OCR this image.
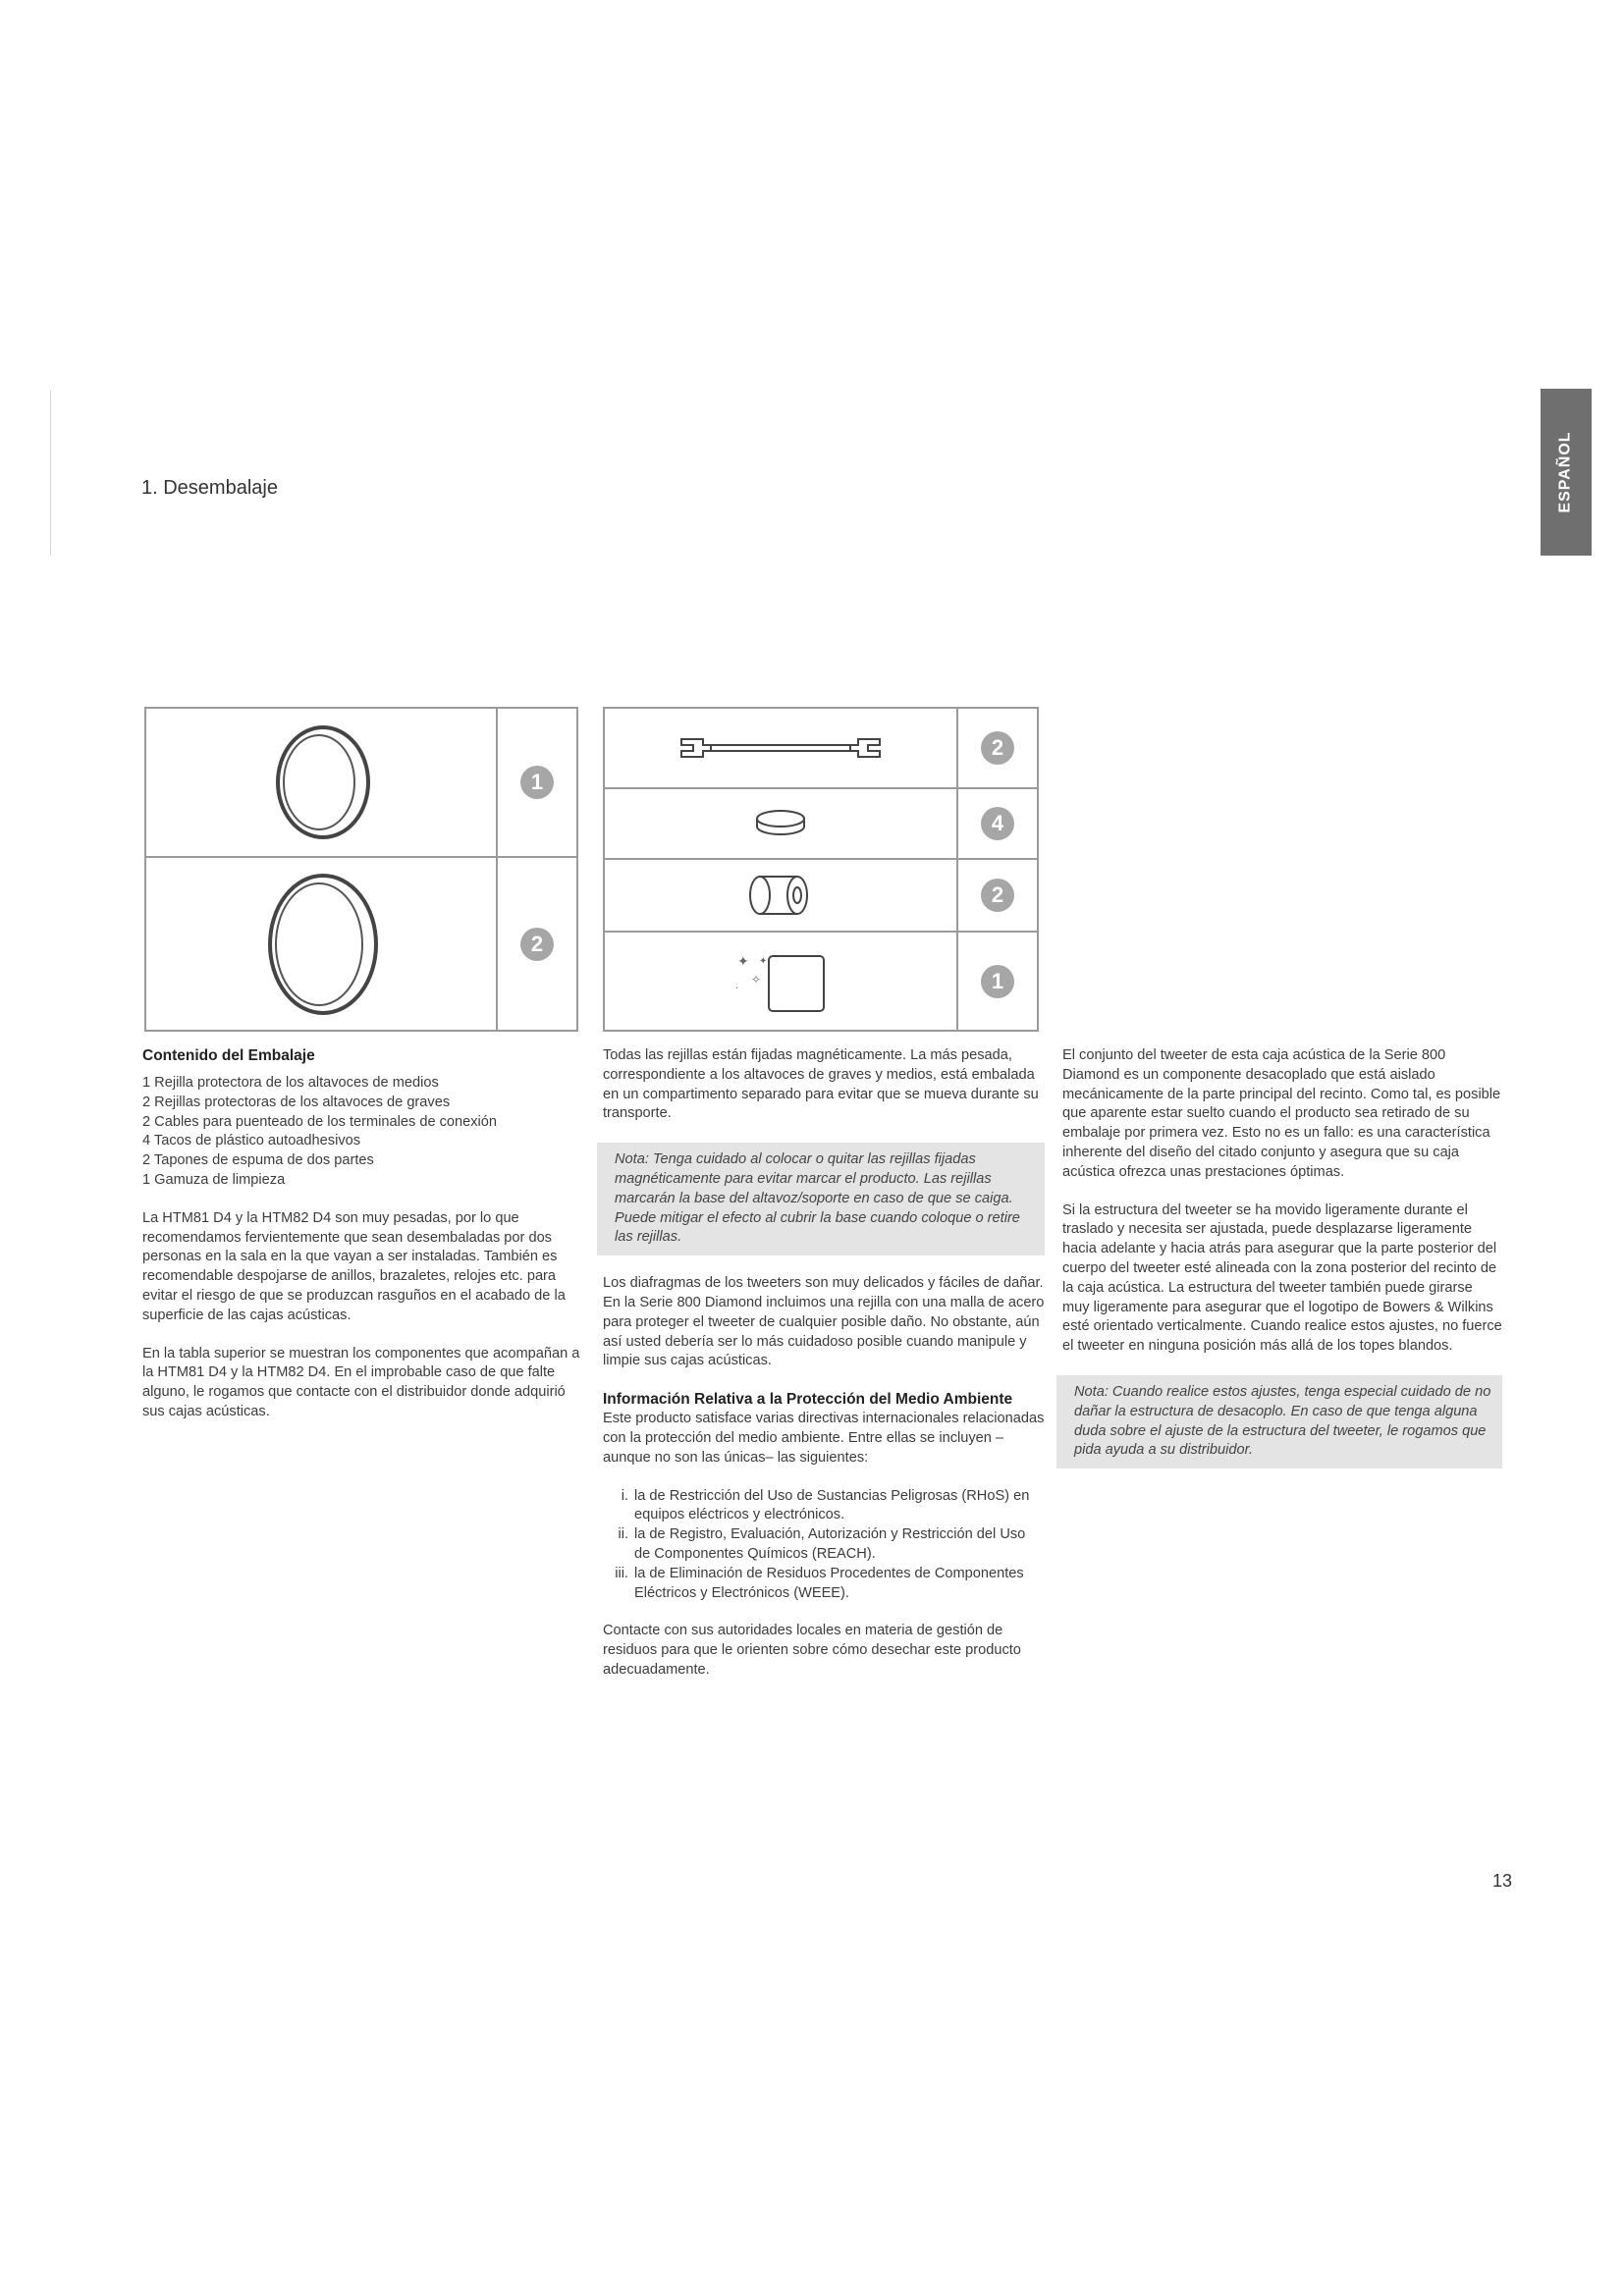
ESPAÑOL
1. Desembalaje
1
2
2
4
2
✦
✧
·
✦
1
Contenido del Embalaje
1 Rejilla protectora de los altavoces de medios
2 Rejillas protectoras de los altavoces de graves
2 Cables para puenteado de los terminales de conexión
4 Tacos de plástico autoadhesivos
2 Tapones de espuma de dos partes
1 Gamuza de limpieza

La HTM81 D4 y la HTM82 D4 son muy pesadas, por lo que recomendamos fervientemente que sean desembaladas por dos personas en la sala en la que vayan a ser instaladas. También es recomendable despojarse de anillos, brazaletes, relojes etc. para evitar el riesgo de que se produzcan rasguños en el acabado de la superficie de las cajas acústicas.

En la tabla superior se muestran los componentes que acompañan a la HTM81 D4 y la HTM82 D4. En el improbable caso de que falte alguno, le rogamos que contacte con el distribuidor donde adquirió sus cajas acústicas.

Todas las rejillas están fijadas magnéticamente. La más pesada, correspondiente a los altavoces de graves y medios, está embalada en un compartimento separado para evitar que se mueva durante su transporte.

Nota: Tenga cuidado al colocar o quitar las rejillas fijadas magnéticamente para evitar marcar el producto. Las rejillas marcarán la base del altavoz/soporte en caso de que se caiga. Puede mitigar el efecto al cubrir la base cuando coloque o retire las rejillas.

Los diafragmas de los tweeters son muy delicados y fáciles de dañar. En la Serie 800 Diamond incluimos una rejilla con una malla de acero para proteger el tweeter de cualquier posible daño. No obstante, aún así usted debería ser lo más cuidadoso posible cuando manipule y limpie sus cajas acústicas.

Información Relativa a la Protección del Medio Ambiente

Este producto satisface varias directivas internacionales relacionadas con la protección del medio ambiente. Entre ellas se incluyen –aunque no son las únicas– las siguientes:

i. la de Restricción del Uso de Sustancias Peligrosas (RHoS) en equipos eléctricos y electrónicos.
ii. la de Registro, Evaluación, Autorización y Restricción del Uso de Componentes Químicos (REACH).
iii. la de Eliminación de Residuos Procedentes de Componentes Eléctricos y Electrónicos (WEEE).

Contacte con sus autoridades locales en materia de gestión de residuos para que le orienten sobre cómo desechar este producto adecuadamente.

El conjunto del tweeter de esta caja acústica de la Serie 800 Diamond es un componente desacoplado que está aislado mecánicamente de la parte principal del recinto. Como tal, es posible que aparente estar suelto cuando el producto sea retirado de su embalaje por primera vez. Esto no es un fallo: es una característica inherente del diseño del citado conjunto y asegura que su caja acústica ofrezca unas prestaciones óptimas.

Si la estructura del tweeter se ha movido ligeramente durante el traslado y necesita ser ajustada, puede desplazarse ligeramente hacia adelante y hacia atrás para asegurar que la parte posterior del cuerpo del tweeter esté alineada con la zona posterior del recinto de la caja acústica. La estructura del tweeter también puede girarse muy ligeramente para asegurar que el logotipo de Bowers & Wilkins esté orientado verticalmente. Cuando realice estos ajustes, no fuerce el tweeter en ninguna posición más allá de los topes blandos.

Nota: Cuando realice estos ajustes, tenga especial cuidado de no dañar la estructura de desacoplo. En caso de que tenga alguna duda sobre el ajuste de la estructura del tweeter, le rogamos que pida ayuda a su distribuidor.
13
